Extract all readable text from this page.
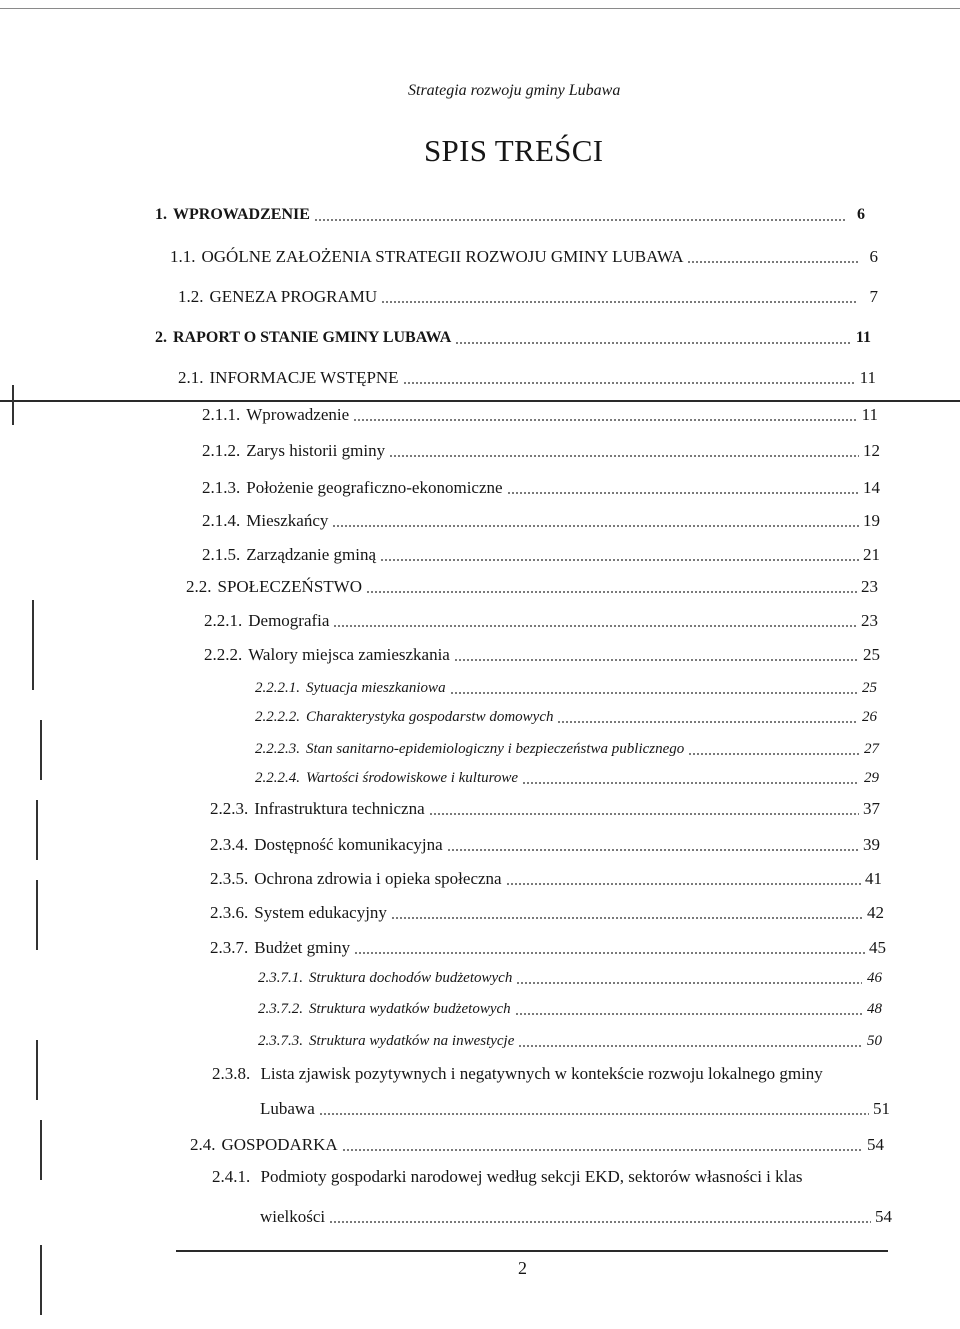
Strategia rozwoju gminy Lubawa
SPIS TREŚCI
1. WPROWADZENIE	6
1.1. OGÓLNE ZAŁOŻENIA STRATEGII ROZWOJU GMINY LUBAWA	6
1.2. GENEZA PROGRAMU	7
2. RAPORT O STANIE GMINY LUBAWA	11
2.1. INFORMACJE WSTĘPNE	11
2.1.1. Wprowadzenie	11
2.1.2. Zarys historii gminy	12
2.1.3. Położenie geograficzno-ekonomiczne	14
2.1.4. Mieszkańcy	19
2.1.5. Zarządzanie gminą	21
2.2. SPOŁECZEŃSTWO	23
2.2.1. Demografia	23
2.2.2. Walory miejsca zamieszkania	25
2.2.2.1. Sytuacja mieszkaniowa	25
2.2.2.2. Charakterystyka gospodarstw domowych	26
2.2.2.3. Stan sanitarno-epidemiologiczny i bezpieczeństwa publicznego	27
2.2.2.4. Wartości środowiskowe i kulturowe	29
2.2.3. Infrastruktura techniczna	37
2.3.4. Dostępność komunikacyjna	39
2.3.5. Ochrona zdrowia i opieka społeczna	41
2.3.6. System edukacyjny	42
2.3.7. Budżet gminy	45
2.3.7.1. Struktura dochodów budżetowych	46
2.3.7.2. Struktura wydatków budżetowych	48
2.3.7.3. Struktura wydatków na inwestycje	50
2.3.8. Lista zjawisk pozytywnych i negatywnych w kontekście rozwoju lokalnego gminy
Lubawa	51
2.4. GOSPODARKA	54
2.4.1. Podmioty gospodarki narodowej według sekcji EKD, sektorów własności i klas
wielkości	54
2
